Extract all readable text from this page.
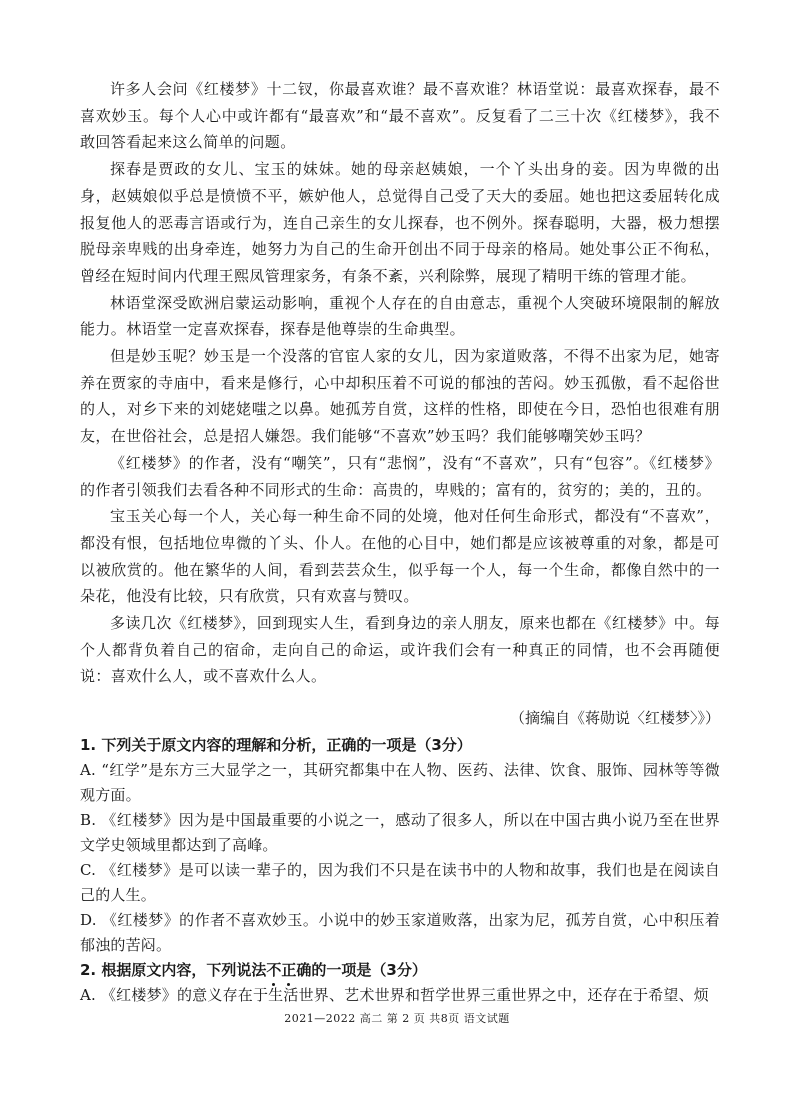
许多人会问《红楼梦》十二钗，你最喜欢谁？最不喜欢谁？林语堂说：最喜欢探春，最不喜欢妙玉。每个人心中或许都有“最喜欢”和“最不喜欢”。反复看了二三十次《红楼梦》，我不敢回答看起来这么简单的问题。

探春是贾政的女儿、宝玉的妹妹。她的母亲赵姨娘，一个丫头出身的妾。因为卑微的出身，赵姨娘似乎总是愤愤不平，嫉妒他人，总觉得自己受了天大的委屈。她也把这委屈转化成报复他人的恶毒言语或行为，连自己亲生的女儿探春，也不例外。探春聪明，大器，极力想摆脱母亲卑贱的出身牵连，她努力为自己的生命开创出不同于母亲的格局。她处事公正不徇私，曾经在短时间内代理王熙凤管理家务，有条不紊，兴利除弊，展现了精明干练的管理才能。

林语堂深受欧洲启蒙运动影响，重视个人存在的自由意志，重视个人突破环境限制的解放能力。林语堂一定喜欢探春，探春是他尊崇的生命典型。

但是妙玉呢？妙玉是一个没落的官宦人家的女儿，因为家道败落，不得不出家为尼，她寄养在贾家的寺庙中，看来是修行，心中却积压着不可说的郁浊的苦闷。妙玉孤傲，看不起俗世的人，对乡下来的刘姥姥嗤之以鼻。她孤芳自赏，这样的性格，即使在今日，恐怕也很难有朋友，在世俗社会，总是招人嫌怨。我们能够“不喜欢”妙玉吗？我们能够嘲笑妙玉吗？

《红楼梦》的作者，没有“嘲笑”，只有“悲悯”，没有“不喜欢”，只有“包容”。《红楼梦》的作者引领我们去看各种不同形式的生命：高贵的，卑贱的；富有的，贫穷的；美的，丑的。

宝玉关心每一个人，关心每一种生命不同的处境，他对任何生命形式，都没有“不喜欢”，都没有恨，包括地位卑微的丫头、仆人。在他的心目中，她们都是应该被尊重的对象，都是可以被欣赏的。他在繁华的人间，看到芸芸众生，似乎每一个人，每一个生命，都像自然中的一朵花，他没有比较，只有欣赏，只有欢喜与赞叹。

多读几次《红楼梦》，回到现实人生，看到身边的亲人朋友，原来也都在《红楼梦》中。每个人都背负着自己的宿命，走向自己的命运，或许我们会有一种真正的同情，也不会再随便说：喜欢什么人，或不喜欢什么人。

（摘编自《蒋勋说〈红楼梦〉》）

1. 下列关于原文内容的理解和分析，正确的一项是（3分）

A. “红学”是东方三大显学之一，其研究都集中在人物、医药、法律、饮食、服饰、园林等等微观方面。

B. 《红楼梦》因为是中国最重要的小说之一，感动了很多人，所以在中国古典小说乃至在世界文学史领域里都达到了高峰。

C. 《红楼梦》是可以读一辈子的，因为我们不只是在读书中的人物和故事，我们也是在阅读自己的人生。

D. 《红楼梦》的作者不喜欢妙玉。小说中的妙玉家道败落，出家为尼，孤芳自赏，心中积压着郁浊的苦闷。

2. 根据原文内容，下列说法不正确的一项是（3分）

A. 《红楼梦》的意义存在于生活世界、艺术世界和哲学世界三重世界之中，还存在于希望、烦

2021—2022 高二 第 2 页 共8页 语文试题
